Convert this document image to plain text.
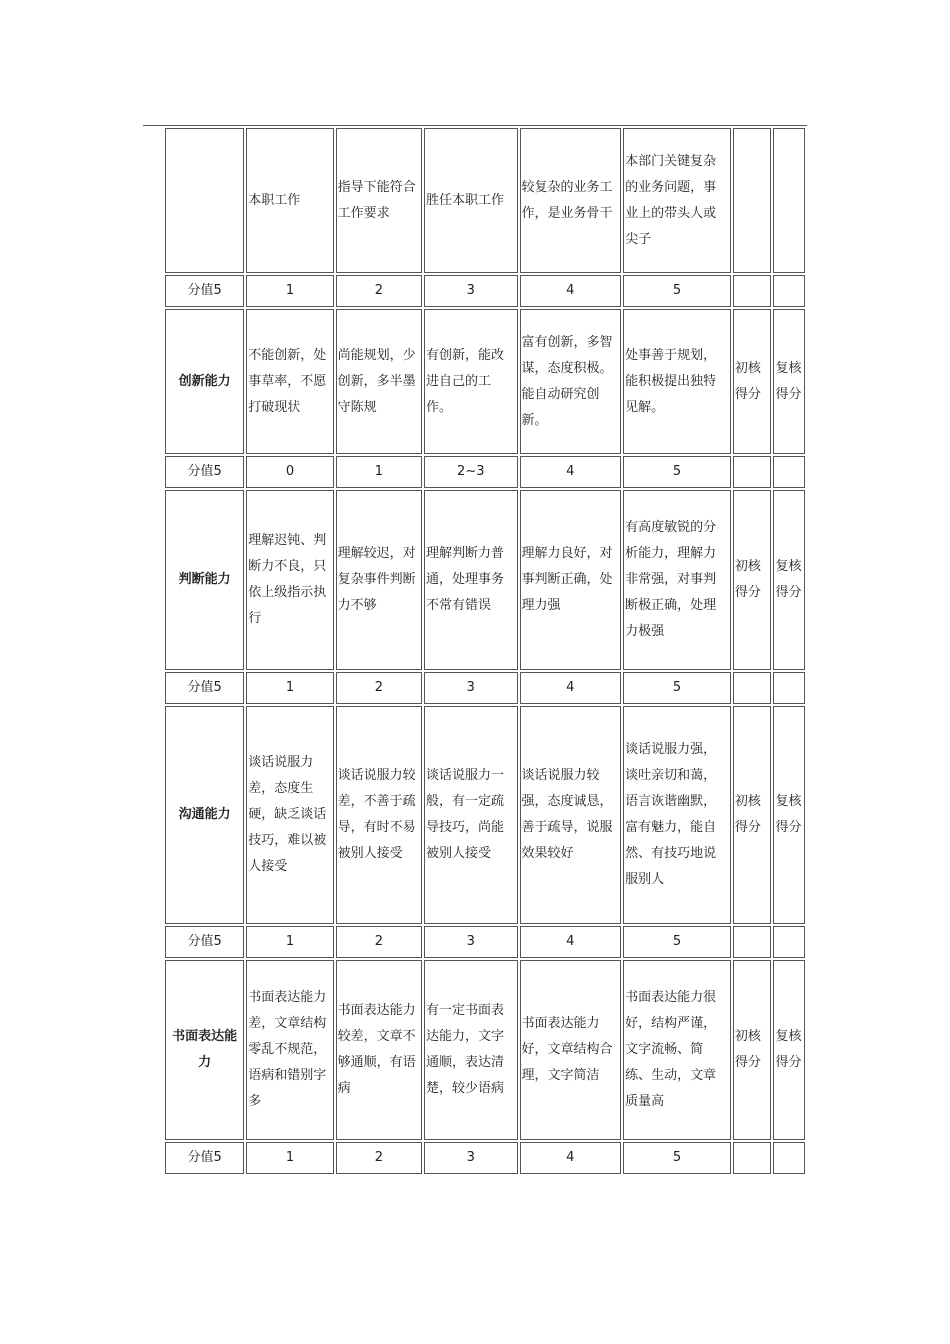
	本职工作	指导下能符合工作要求	胜任本职工作	较复杂的业务工作，是业务骨干	本部门关键复杂的业务问题，事业上的带头人或尖子		
分值5	1	2	3	4	5		
创新能力	不能创新，处事草率，不愿打破现状	尚能规划，少创新，多半墨守陈规	有创新，能改进自己的工作。	富有创新，多智谋，态度积极。能自动研究创新。	处事善于规划，能积极提出独特见解。	初核得分	复核得分
分值5	0	1	2~3	4	5		
判断能力	理解迟钝、判断力不良，只依上级指示执行	理解较迟，对复杂事件判断力不够	理解判断力普通，处理事务不常有错误	理解力良好，对事判断正确，处理力强	有高度敏锐的分析能力，理解力非常强，对事判断极正确，处理力极强	初核得分	复核得分
分值5	1	2	3	4	5		
沟通能力	谈话说服力差，态度生硬，缺乏谈话技巧，难以被人接受	谈话说服力较差，不善于疏导，有时不易被别人接受	谈话说服力一般，有一定疏导技巧，尚能被别人接受	谈话说服力较强，态度诚恳，善于疏导，说服效果较好	谈话说服力强，谈吐亲切和蔼，语言诙谐幽默，富有魅力，能自然、有技巧地说服别人	初核得分	复核得分
分值5	1	2	3	4	5		
书面表达能力	书面表达能力差，文章结构零乱不规范，语病和错别字多	书面表达能力较差，文章不够通顺，有语病	有一定书面表达能力，文字通顺，表达清楚，较少语病	书面表达能力好，文章结构合理，文字简洁	书面表达能力很好，结构严谨，文字流畅、简练、生动，文章质量高	初核得分	复核得分
分值5	1	2	3	4	5		
